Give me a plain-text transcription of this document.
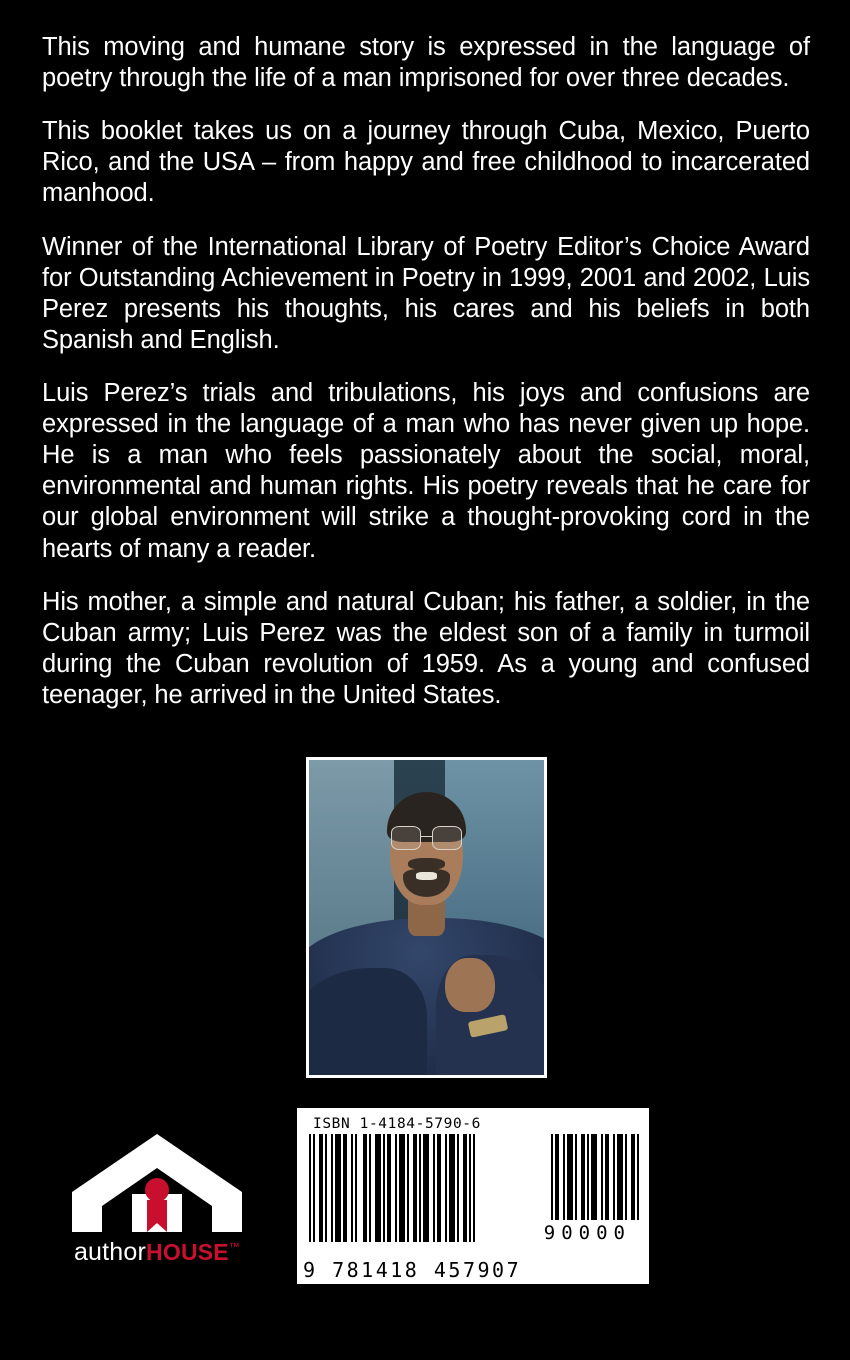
This moving and humane story is expressed in the language of poetry through the life of a man imprisoned for over three decades.

This booklet takes us on a journey through Cuba, Mexico, Puerto Rico, and the USA – from happy and free childhood to incarcerated manhood.

Winner of the International Library of Poetry Editor’s Choice Award for Outstanding Achievement in Poetry in 1999, 2001 and 2002, Luis Perez presents his thoughts, his cares and his beliefs in both Spanish and English.

Luis Perez’s trials and tribulations, his joys and confusions are expressed in the language of a man who has never given up hope. He is a man who feels passionately about the social, moral, environmental and human rights. His poetry reveals that he care for our global environment will strike a thought-provoking cord in the hearts of many a reader.

His mother, a simple and natural Cuban; his father, a soldier, in the Cuban army; Luis Perez was the eldest son of a family in turmoil during the Cuban revolution of 1959. As a young and confused teenager, he arrived in the United States.

authorHOUSE™
ISBN 1-4184-5790-6
90000
9 781418 457907
